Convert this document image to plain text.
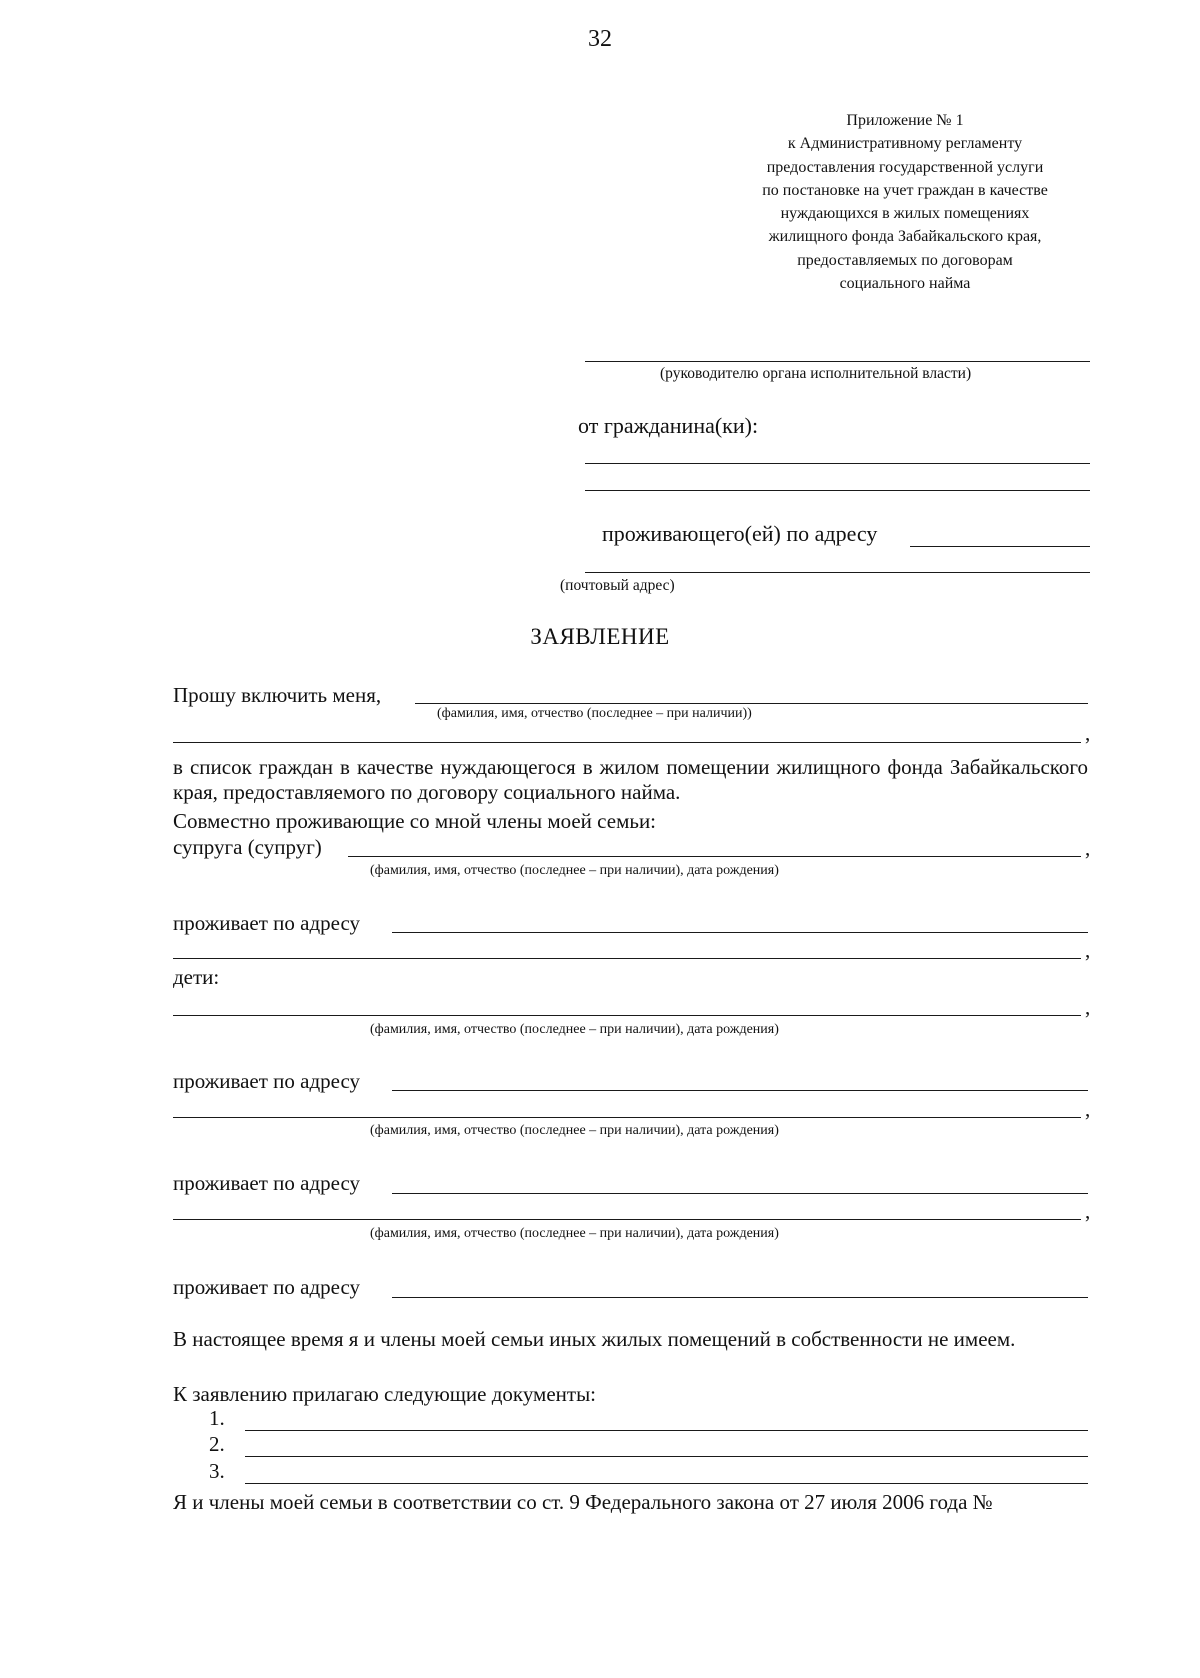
32
Приложение № 1
к Административному регламенту
предоставления государственной услуги
по постановке на учет граждан в качестве
нуждающихся в жилых помещениях
жилищного фонда Забайкальского края,
предоставляемых по договорам
социального найма
(руководителю органа исполнительной власти)
от гражданина(ки):
проживающего(ей) по адресу
(почтовый адрес)
ЗАЯВЛЕНИЕ
Прошу включить меня,
(фамилия, имя, отчество (последнее – при наличии))
,
в список граждан в качестве нуждающегося в жилом помещении жилищного фонда Забайкальского края, предоставляемого по договору социального найма.
Совместно проживающие со мной члены моей семьи:
супруга (супруг)	,
(фамилия, имя, отчество (последнее – при наличии), дата рождения)
проживает по адресу
,
дети:
,
(фамилия, имя, отчество (последнее – при наличии), дата рождения)
проживает по адресу
,
(фамилия, имя, отчество (последнее – при наличии), дата рождения)
проживает по адресу
,
(фамилия, имя, отчество (последнее – при наличии), дата рождения)
проживает по адресу
В настоящее время я и члены моей семьи иных жилых помещений в собственности не имеем.
К заявлению прилагаю следующие документы:
1.
2.
3.
Я и члены моей семьи в соответствии со ст. 9 Федерального закона от 27 июля 2006 года №
